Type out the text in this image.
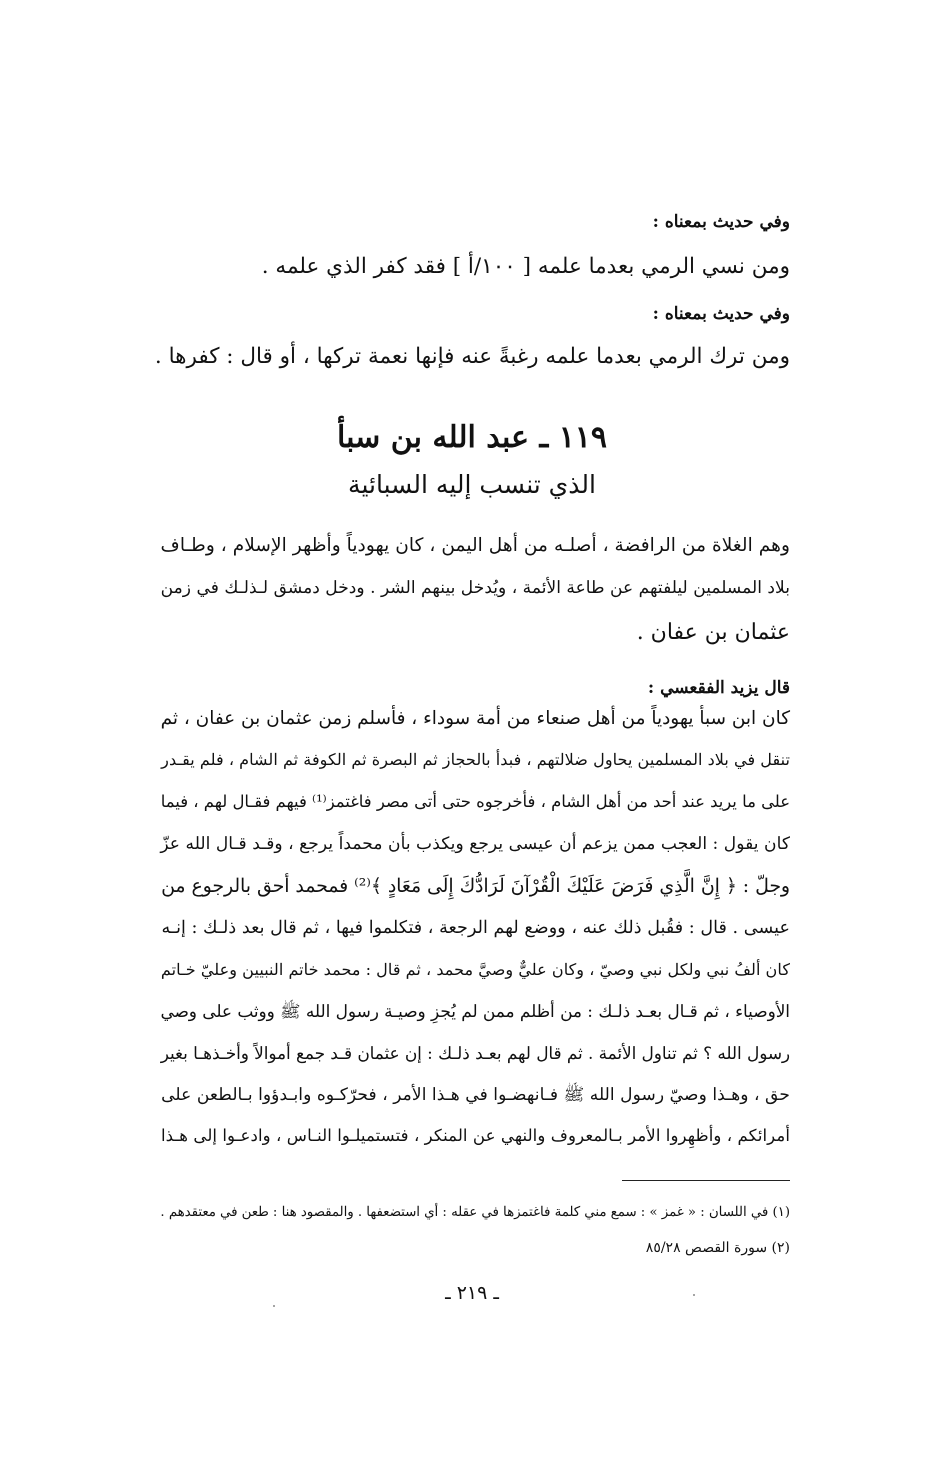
وفي حديث بمعناه :
ومن نسي الرمي بعدما علمه [ ١٠٠/أ ] فقد كفر الذي علمه .
وفي حديث بمعناه :
ومن ترك الرمي بعدما علمه رغبةً عنه فإنها نعمة تركها ، أو قال : كفرها .
١١٩ ـ عبد الله بن سبأ
الذي تنسب إليه السبائية
وهم الغلاة من الرافضة ، أصلـه من أهل اليمن ، كان يهودياً وأظهر الإسلام ، وطـاف
بلاد المسلمين ليلفتهم عن طاعة الأئمة ، ويُدخل بينهم الشر . ودخل دمشق لـذلـك في زمن
عثمان بن عفان .
قال يزيد الفقعسي :
كان ابن سبأ يهودياً من أهل صنعاء من أمة سوداء ، فأسلم زمن عثمان بن عفان ، ثم
تنقل في بلاد المسلمين يحاول ضلالتهم ، فبدأ بالحجاز ثم البصرة ثم الكوفة ثم الشام ، فلم يقـدر
على ما يريد عند أحد من أهل الشام ، فأخرجوه حتى أتى مصر فاغتمز⁽¹⁾ فيهم فقـال لهم ، فيما
كان يقول : العجب ممن يزعم أن عيسى يرجع ويكذب بأن محمداً يرجع ، وقـد قـال الله عزّ
وجلّ : ﴿ إِنَّ الَّذِي فَرَضَ عَلَيْكَ الْقُرْآنَ لَرَادُّكَ إِلَى مَعَادٍ ﴾⁽²⁾ فمحمد أحق بالرجوع من
عيسى . قال : فقُبل ذلك عنه ، ووضع لهم الرجعة ، فتكلموا فيها ، ثم قال بعد ذلـك : إنـه
كان ألفُ نبي ولكل نبي وصيّ ، وكان عليٌّ وصيَّ محمد ، ثم قال : محمد خاتم النبيين وعليّ خـاتم
الأوصياء ، ثم قـال بعـد ذلـك : من أظلم ممن لم يُجزِ وصيـة رسول الله ﷺ ووثب على وصي
رسول الله ؟ ثم تناول الأئمة . ثم قال لهم بعـد ذلـك : إن عثمان قـد جمع أموالاً وأخـذهـا بغير
حق ، وهـذا وصيّ رسول الله ﷺ فـانهضـوا في هـذا الأمر ، فحرّكـوه وابـدؤوا بـالطعن على
أمرائكم ، وأظهِروا الأمر بـالمعروف والنهي عن المنكر ، فتستميلـوا النـاس ، وادعـوا إلى هـذا
(١) في اللسان : « غمز » : سمع مني كلمة فاغتمزها في عقله : أي استضعفها . والمقصود هنا : طعن في معتقدهم .
(٢) سورة القصص ٨٥/٢٨
ـ ٢١٩ ـ
